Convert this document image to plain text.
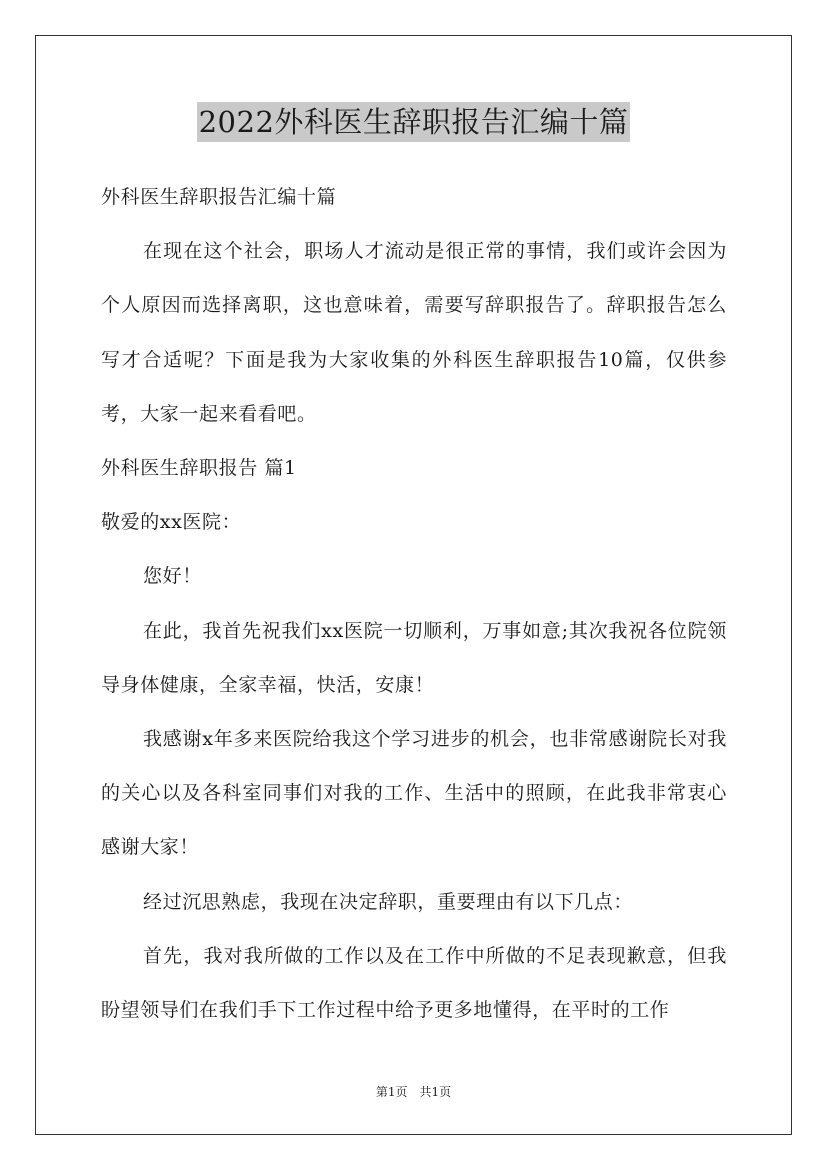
2022外科医生辞职报告汇编十篇

外科医生辞职报告汇编十篇

在现在这个社会，职场人才流动是很正常的事情，我们或许会因为个人原因而选择离职，这也意味着，需要写辞职报告了。辞职报告怎么写才合适呢？下面是我为大家收集的外科医生辞职报告10篇，仅供参考，大家一起来看看吧。

外科医生辞职报告 篇1

敬爱的xx医院：

您好！

在此，我首先祝我们xx医院一切顺利，万事如意;其次我祝各位院领导身体健康，全家幸福，快活，安康！

我感谢x年多来医院给我这个学习进步的机会，也非常感谢院长对我的关心以及各科室同事们对我的工作、生活中的照顾，在此我非常衷心感谢大家！

经过沉思熟虑，我现在决定辞职，重要理由有以下几点：

首先，我对我所做的工作以及在工作中所做的不足表现歉意，但我盼望领导们在我们手下工作过程中给予更多地懂得，在平时的工作

第1页　共1页
